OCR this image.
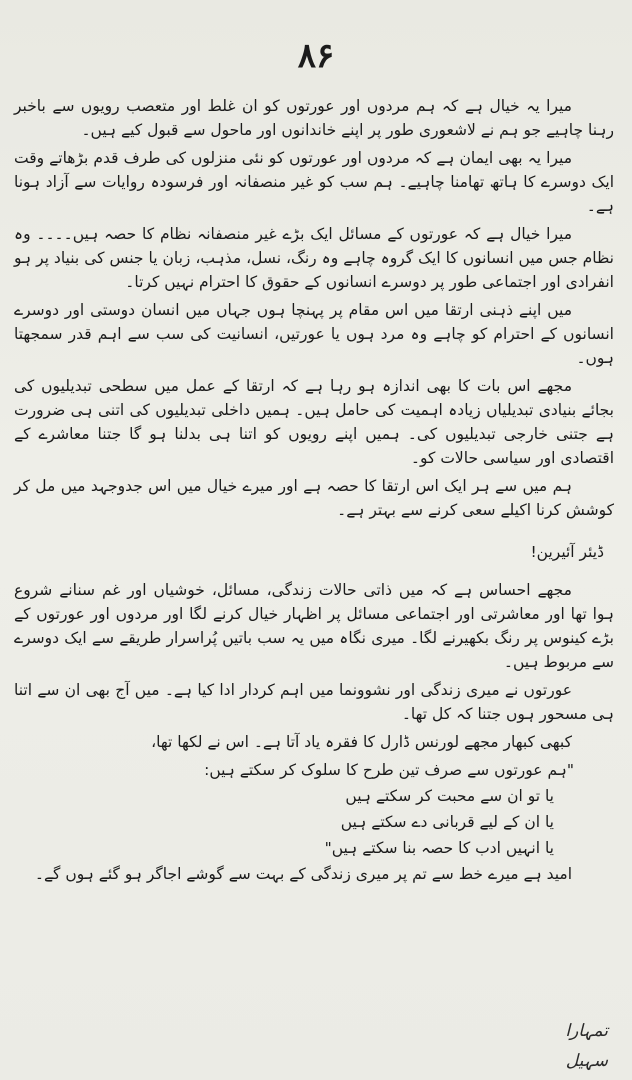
۸۶

میرا یہ خیال ہے کہ ہم مردوں اور عورتوں کو ان غلط اور متعصب رویوں سے باخبر رہنا چاہیے جو ہم نے لاشعوری طور پر اپنے خاندانوں اور ماحول سے قبول کیے ہیں۔

میرا یہ بھی ایمان ہے کہ مردوں اور عورتوں کو نئی منزلوں کی طرف قدم بڑھاتے وقت ایک دوسرے کا ہاتھ تھامنا چاہیے۔ ہم سب کو غیر منصفانہ اور فرسودہ روایات سے آزاد ہونا ہے۔

میرا خیال ہے کہ عورتوں کے مسائل ایک بڑے غیر منصفانہ نظام کا حصہ ہیں۔۔۔۔ وہ نظام جس میں انسانوں کا ایک گروہ چاہے وہ رنگ، نسل، مذہب، زبان یا جنس کی بنیاد پر ہو انفرادی اور اجتماعی طور پر دوسرے انسانوں کے حقوق کا احترام نہیں کرتا۔

میں اپنے ذہنی ارتقا میں اس مقام پر پہنچا ہوں جہاں میں انسان دوستی اور دوسرے انسانوں کے احترام کو چاہے وہ مرد ہوں یا عورتیں، انسانیت کی سب سے اہم قدر سمجھتا ہوں۔

مجھے اس بات کا بھی اندازہ ہو رہا ہے کہ ارتقا کے عمل میں سطحی تبدیلیوں کی بجائے بنیادی تبدیلیاں زیادہ اہمیت کی حامل ہیں۔ ہمیں داخلی تبدیلیوں کی اتنی ہی ضرورت ہے جتنی خارجی تبدیلیوں کی۔ ہمیں اپنے رویوں کو اتنا ہی بدلنا ہو گا جتنا معاشرے کے اقتصادی اور سیاسی حالات کو۔

ہم میں سے ہر ایک اس ارتقا کا حصہ ہے اور میرے خیال میں اس جدوجہد میں مل کر کوشش کرنا اکیلے سعی کرنے سے بہتر ہے۔

ڈیئر آئیرین!

مجھے احساس ہے کہ میں ذاتی حالات زندگی، مسائل، خوشیاں اور غم سنانے شروع ہوا تھا اور معاشرتی اور اجتماعی مسائل پر اظہار خیال کرنے لگا اور مردوں اور عورتوں کے بڑے کینوس پر رنگ بکھیرنے لگا۔ میری نگاہ میں یہ سب باتیں پُراسرار طریقے سے ایک دوسرے سے مربوط ہیں۔

عورتوں نے میری زندگی اور نشوونما میں اہم کردار ادا کیا ہے۔ میں آج بھی ان سے اتنا ہی مسحور ہوں جتنا کہ کل تھا۔

کبھی کبھار مجھے لورنس ڈارل کا فقرہ یاد آتا ہے۔ اس نے لکھا تھا،

"ہم عورتوں سے صرف تین طرح کا سلوک کر سکتے ہیں:

یا تو ان سے محبت کر سکتے ہیں

یا ان کے لیے قربانی دے سکتے ہیں

یا انہیں ادب کا حصہ بنا سکتے ہیں"

امید ہے میرے خط سے تم پر میری زندگی کے بہت سے گوشے اجاگر ہو گئے ہوں گے۔

تمہارا
سہیل
